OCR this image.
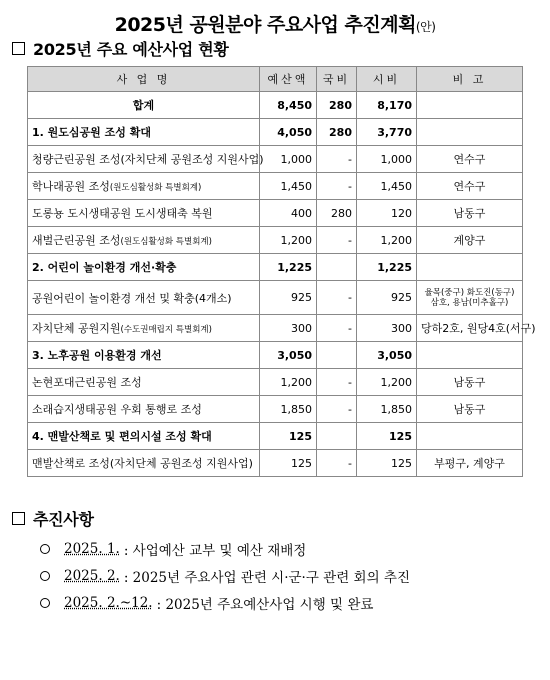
2025년 공원분야 주요사업 추진계획(안)
2025년 주요 예산사업 현황
사 업 명	예산액	국비	시비	비 고
합계	8,450	280	8,170	
1. 원도심공원 조성 확대	4,050	280	3,770	
청량근린공원 조성(자치단체 공원조성 지원사업)	1,000	-	1,000	연수구
학나래공원 조성(원도심활성화 특별회계)	1,450	-	1,450	연수구
도롱뇽 도시생태공원 도시생태축 복원	400	280	120	남동구
새벌근린공원 조성(원도심활성화 특별회계)	1,200	-	1,200	계양구
2. 어린이 놀이환경 개선·확충	1,225		1,225	
공원어린이 놀이환경 개선 및 확충(4개소)	925	-	925	율목(중구) 화도진(동구) 삼호, 용남(미추홀구)

자치단체 공원지원(수도권매립지 특별회계)	300	-	300	당하2호, 원당4호(서구)
3. 노후공원 이용환경 개선	3,050		3,050	
논현포대근린공원 조성	1,200	-	1,200	남동구
소래습지생태공원 우회 통행로 조성	1,850	-	1,850	남동구
4. 맨발산책로 및 편의시설 조성 확대	125		125	
맨발산책로 조성(자치단체 공원조성 지원사업)	125	-	125	부평구, 계양구
추진사항
2025. 1. : 사업예산 교부 및 예산 재배정
2025. 2. : 2025년 주요사업 관련 시·군·구 관련 회의 추진
2025. 2.~12. : 2025년 주요예산사업 시행 및 완료
